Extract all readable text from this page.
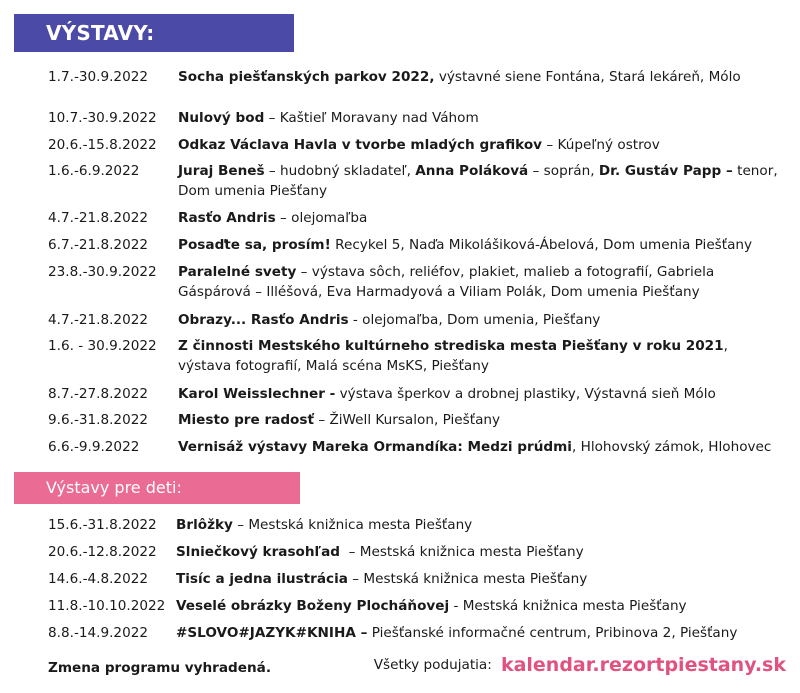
VÝSTAVY:
Výstavy pre deti:
1.7.-30.9.2022 Socha piešťanských parkov 2022, výstavné siene Fontána, Stará lekáreň, Mólo
10.7.-30.9.2022 Nulový bod – Kaštieľ Moravany nad Váhom
20.6.-15.8.2022 Odkaz Václava Havla v tvorbe mladých grafikov – Kúpeľný ostrov
1.6.-6.9.2022	Juraj Beneš – hudobný skladateľ, Anna Poláková – soprán, Dr. Gustáv Papp – tenor, Dom umenia Piešťany
4.7.-21.8.2022 Rasťo Andris – olejomaľba
6.7.-21.8.2022 Posaďte sa, prosím! Recykel 5, Naďa Mikolášiková-Ábelová, Dom umenia Piešťany
23.8.-30.9.2022 Paralelné svety – výstava sôch, reliéfov, plakiet, malieb a fotografií, Gabriela Gáspárová – Illéšová, Eva Harmadyová a Viliam Polák, Dom umenia Piešťany
4.7.-21.8.2022 Obrazy... Rasťo Andris - olejomaľba, Dom umenia, Piešťany
1.6. - 30.9.2022 Z činnosti Mestského kultúrneho strediska mesta Piešťany v roku 2021, výstava fotografií, Malá scéna MsKS, Piešťany
8.7.-27.8.2022 Karol Weisslechner - výstava šperkov a drobnej plastiky, Výstavná sieň Mólo
9.6.-31.8.2022 Miesto pre radosť – ŽiWell Kursalon, Piešťany
6.6.-9.9.2022	Vernisáž výstavy Mareka Ormandíka: Medzi prúdmi, Hlohovský zámok, Hlohovec
15.6.-31.8.2022 Brlôžky – Mestská knižnica mesta Piešťany
20.6.-12.8.2022 Slniečkový krasohľad  – Mestská knižnica mesta Piešťany
14.6.-4.8.2022 Tisíc a jedna ilustrácia – Mestská knižnica mesta Piešťany
11.8.-10.10.2022 Veselé obrázky Boženy Plocháňovej - Mestská knižnica mesta Piešťany
8.8.-14.9.2022 #SLOVO#JAZYK#KNIHA – Piešťanské informačné centrum, Pribinova 2, Piešťany
Zmena programu vyhradená.	Všetky podujatia: kalendar.rezortpiestany.sk
